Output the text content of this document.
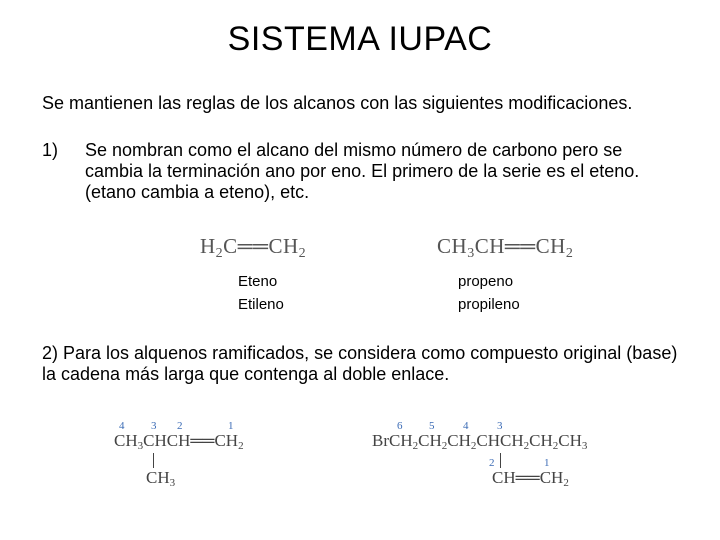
SISTEMA IUPAC
Se mantienen las reglas de los alcanos con las siguientes modificaciones.
1) Se nombran como el alcano del mismo número de carbono pero se cambia la terminación ano por eno. El primero de la serie es el eteno. (etano cambia a eteno), etc.
$H_2C══CH_2$	$CH_3CH══CH_2$
Eteno
Etileno
propeno
propileno
2) Para los alquenos ramificados, se considera como compuesto original (base) la cadena más larga que contenga al doble enlace.
4 3 2	1
$CH_3CHCH══CH_2$
$CH_3$
6 5	4	3
$BrCH_2CH_2CH_2CHCH_2CH_2CH_3$
2	1
$CH══CH_2$
